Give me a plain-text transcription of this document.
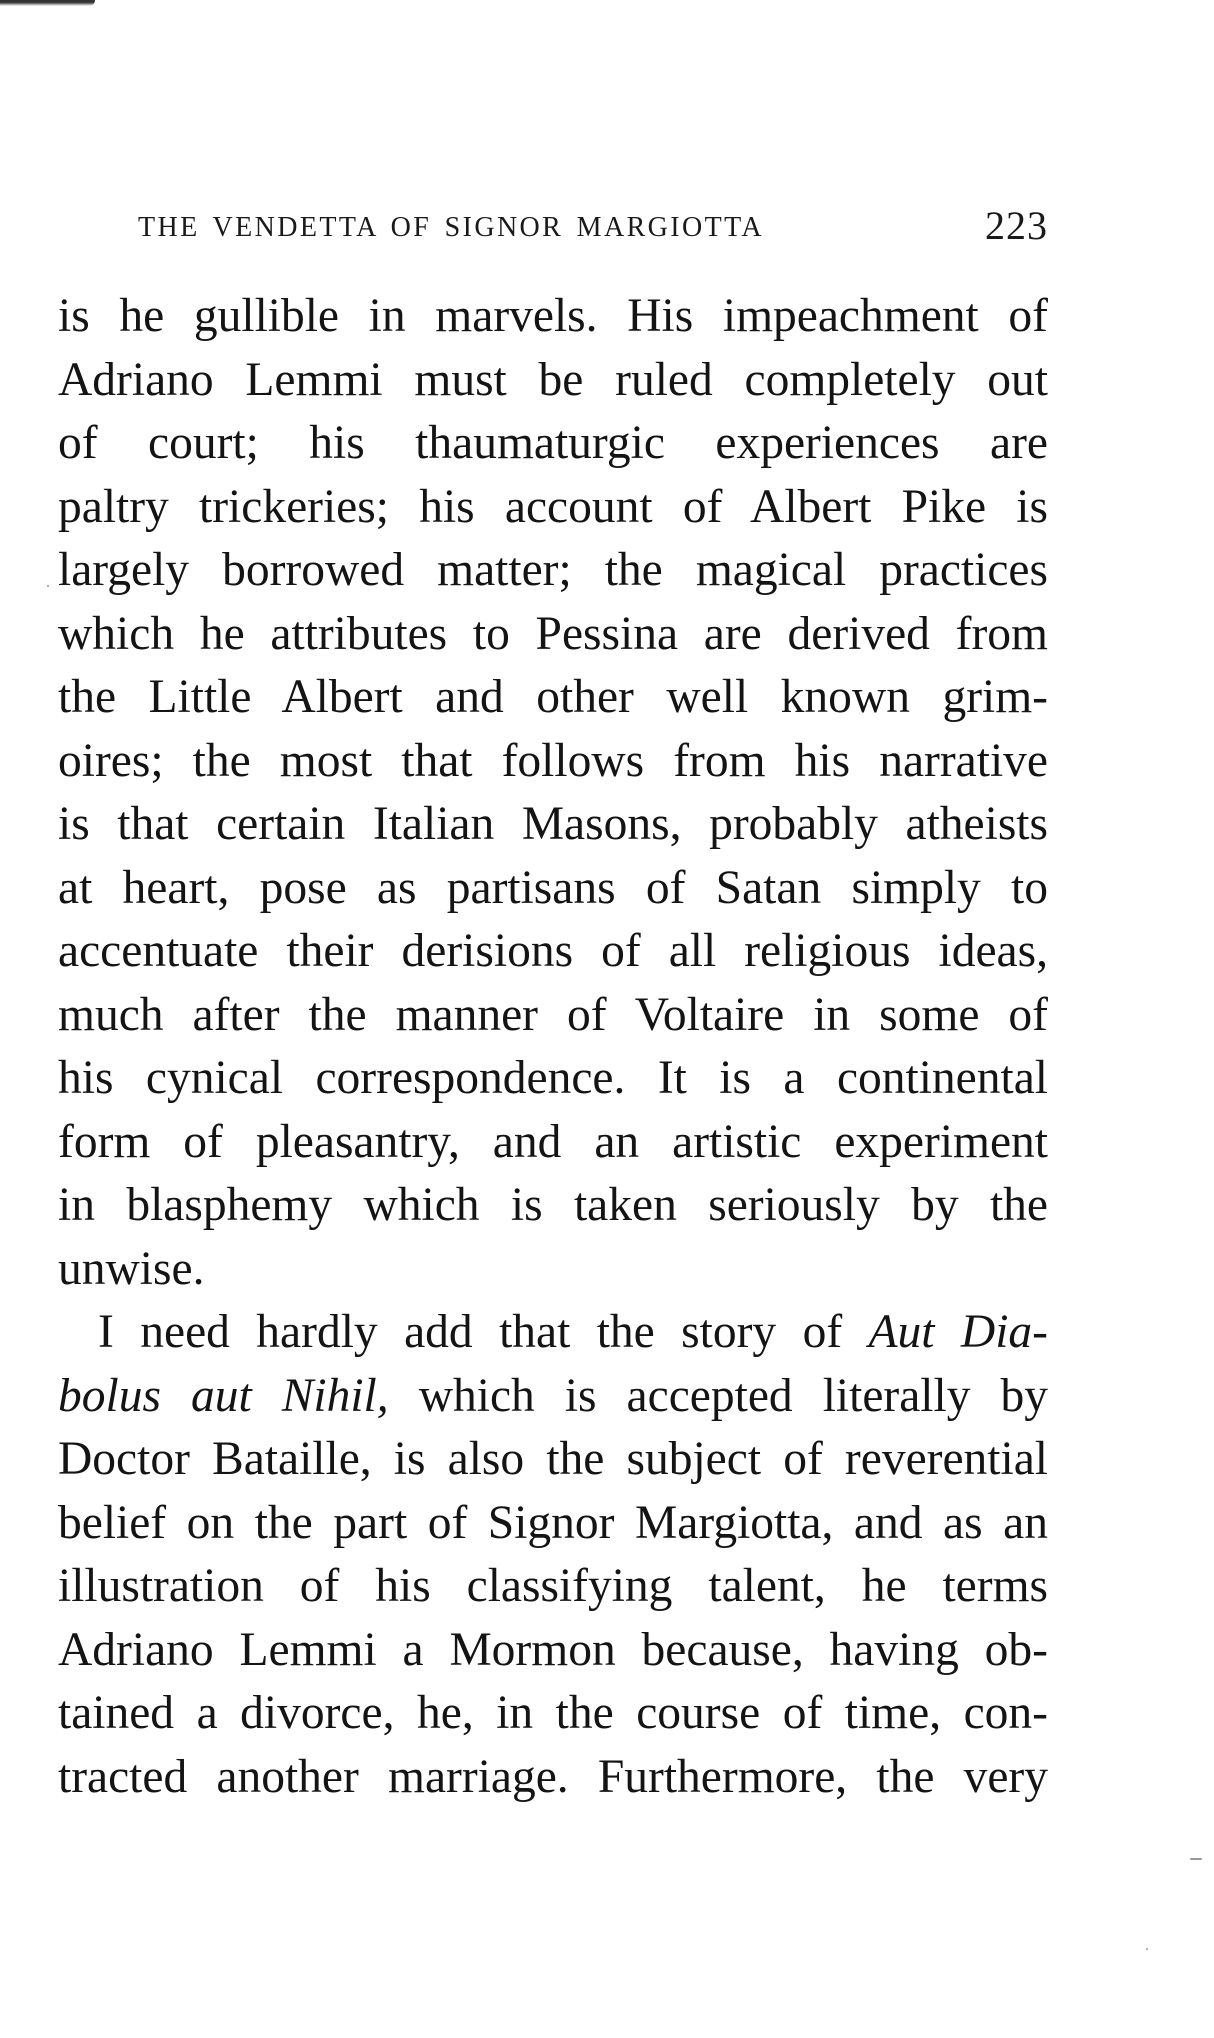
THE VENDETTA OF SIGNOR MARGIOTTA	223
is he gullible in marvels. His impeachment of
Adriano Lemmi must be ruled completely out
of court; his thaumaturgic experiences are
paltry trickeries; his account of Albert Pike is
largely borrowed matter; the magical practices
which he attributes to Pessina are derived from
the Little Albert and other well known grim-
oires; the most that follows from his narrative
is that certain Italian Masons, probably atheists
at heart, pose as partisans of Satan simply to
accentuate their derisions of all religious ideas,
much after the manner of Voltaire in some of
his cynical correspondence. It is a continental
form of pleasantry, and an artistic experiment
in blasphemy which is taken seriously by the
unwise.
I need hardly add that the story of Aut Dia-
bolus aut Nihil, which is accepted literally by
Doctor Bataille, is also the subject of reverential
belief on the part of Signor Margiotta, and as an
illustration of his classifying talent, he terms
Adriano Lemmi a Mormon because, having ob-
tained a divorce, he, in the course of time, con-
tracted another marriage. Furthermore, the very
